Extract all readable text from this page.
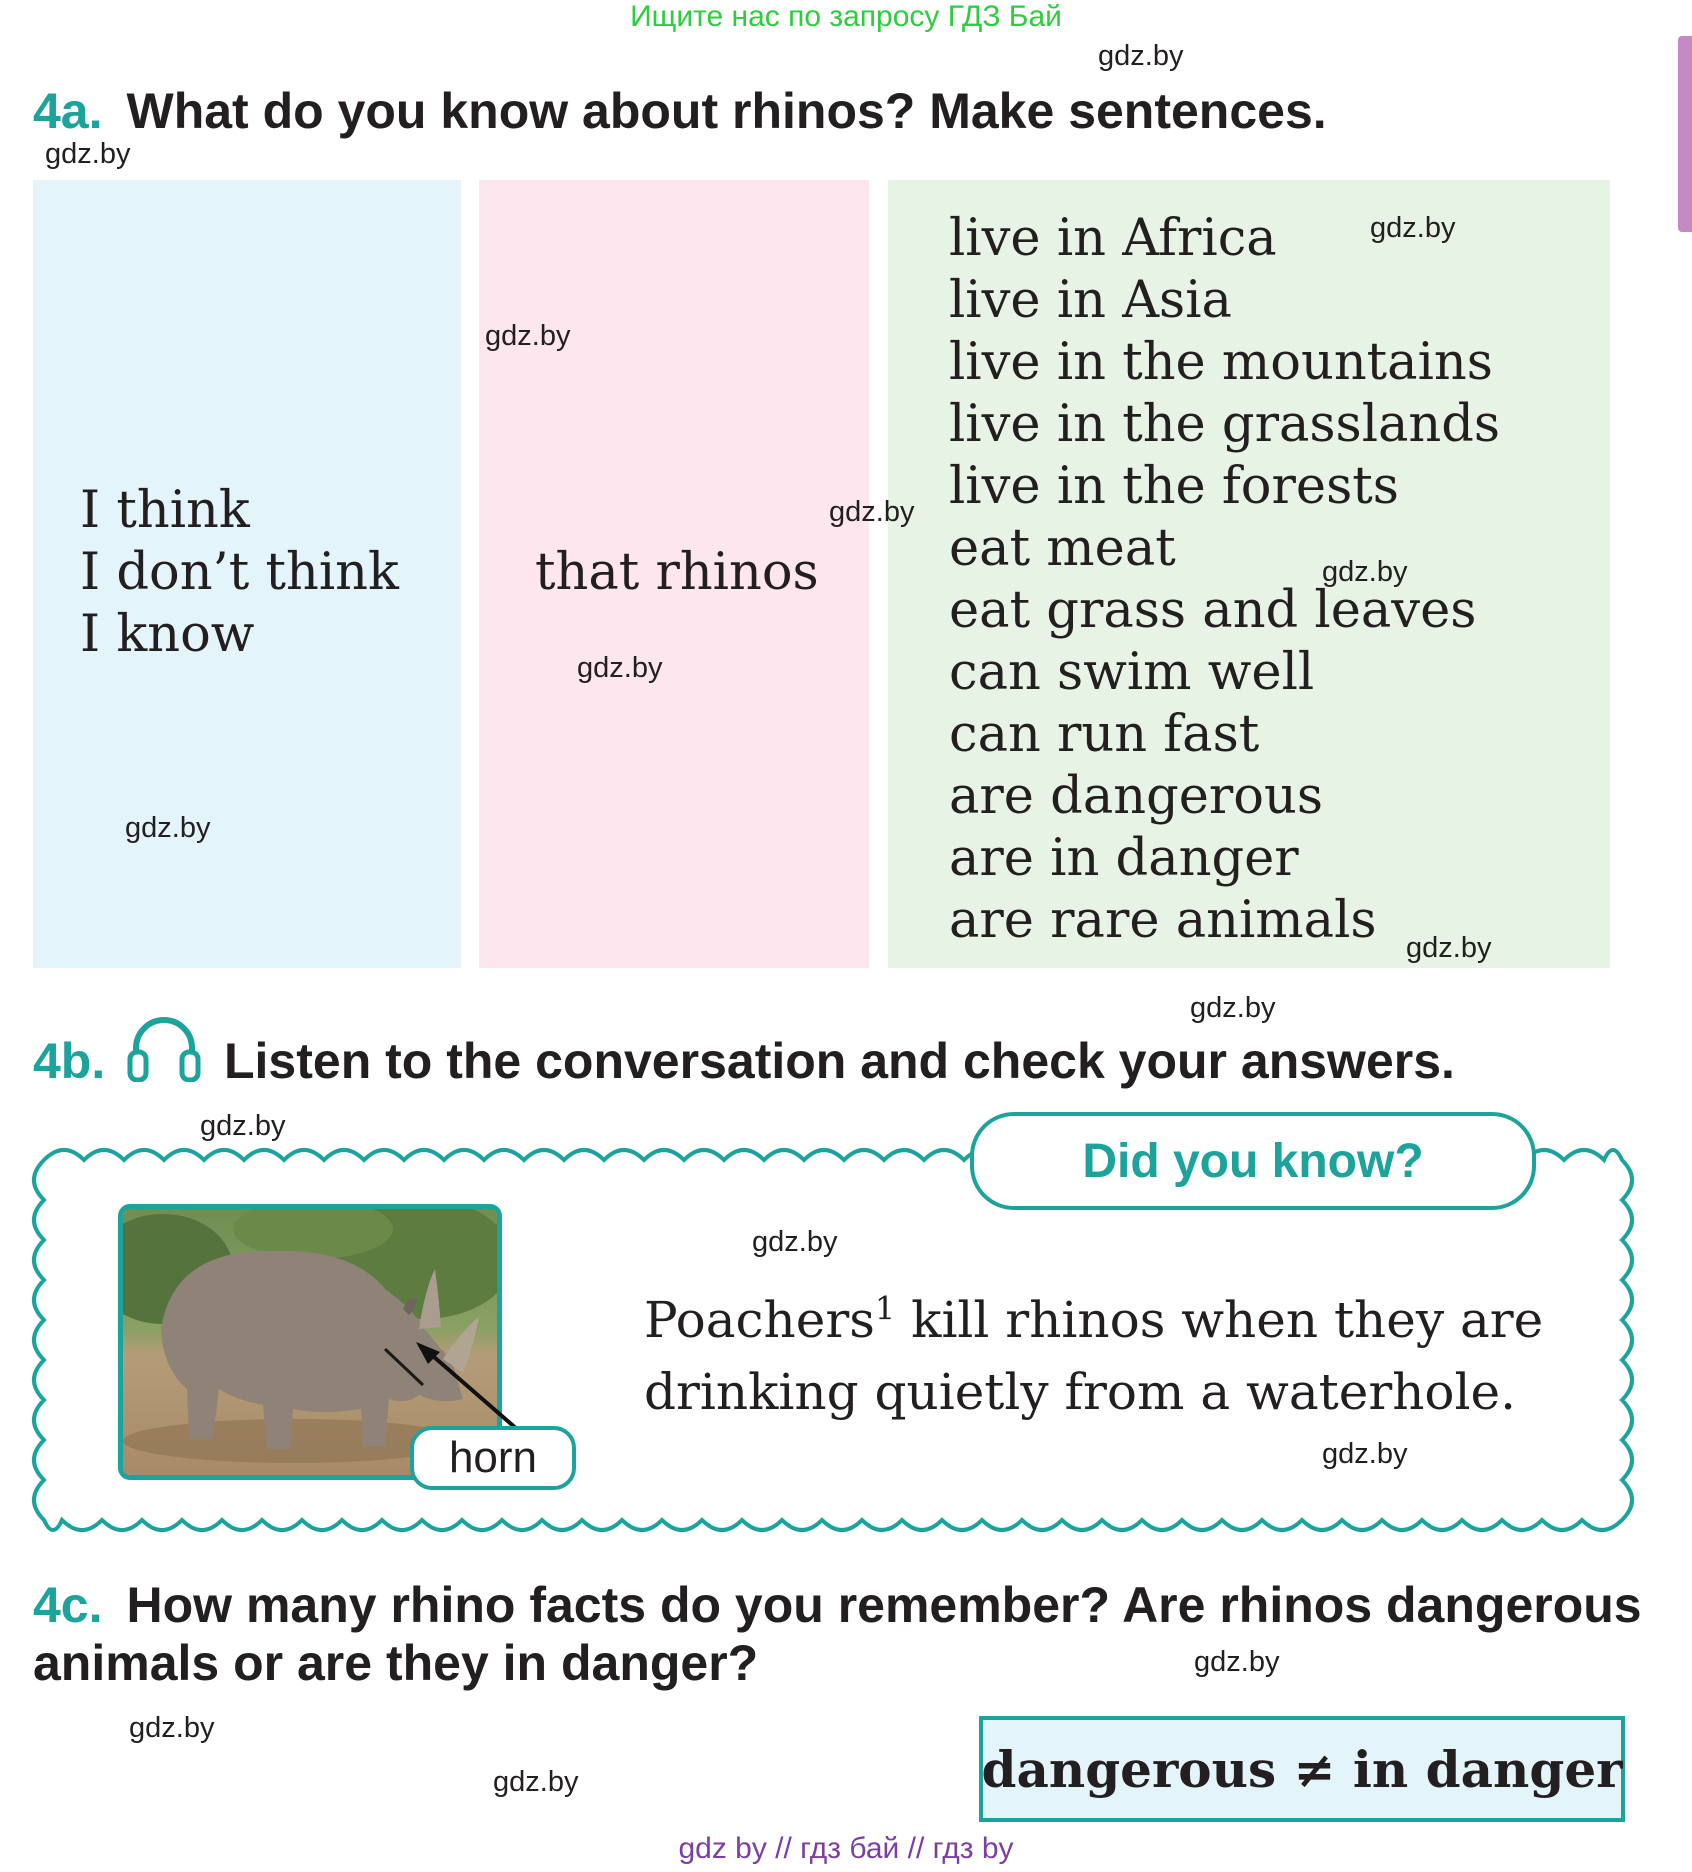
Ищите нас по запросу ГДЗ Бай
4a. What do you know about rhinos? Make sentences.
I think
I don’t think
I know
that rhinos
live in Africa
live in Asia
live in the mountains
live in the grasslands
live in the forests
eat meat
eat grass and leaves
can swim well
can run fast
are dangerous
are in danger
are rare animals
4b.	Listen to the conversation and check your answers.
Did you know?
horn
Poachers$^1$ kill rhinos when they are
drinking quietly from a waterhole.
4c. How many rhino facts do you remember? Are rhinos dangerous
animals or are they in danger?
dangerous
≠
in danger
gdz.by
gdz.by
gdz.by
gdz.by
gdz.by
gdz.by
gdz.by
gdz.by
gdz.by
gdz.by
gdz.by
gdz.by
gdz.by
gdz.by
gdz.by
gdz.by
gdz by // гдз бай // гдз by
